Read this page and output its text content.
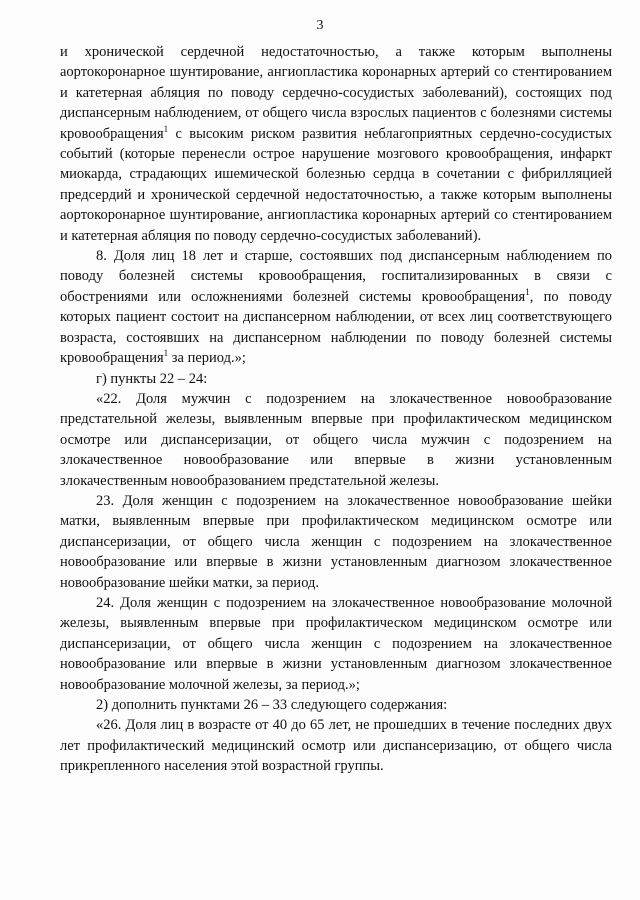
3

и хронической сердечной недостаточностью, а также которым выполнены аортокоронарное шунтирование, ангиопластика коронарных артерий со стентированием и катетерная абляция по поводу сердечно-сосудистых заболеваний), состоящих под диспансерным наблюдением, от общего числа взрослых пациентов с болезнями системы кровообращения$^1$ с высоким риском развития неблагоприятных сердечно-сосудистых событий (которые перенесли острое нарушение мозгового кровообращения, инфаркт миокарда, страдающих ишемической болезнью сердца в сочетании с фибрилляцией предсердий и хронической сердечной недостаточностью, а также которым выполнены аортокоронарное шунтирование, ангиопластика коронарных артерий со стентированием и катетерная абляция по поводу сердечно-сосудистых заболеваний).

8. Доля лиц 18 лет и старше, состоявших под диспансерным наблюдением по поводу болезней системы кровообращения, госпитализированных в связи с обострениями или осложнениями болезней системы кровообращения$^1$, по поводу которых пациент состоит на диспансерном наблюдении, от всех лиц соответствующего возраста, состоявших на диспансерном наблюдении по поводу болезней системы кровообращения$^1$ за период.»;

г) пункты 22 – 24:

«22. Доля мужчин с подозрением на злокачественное новообразование предстательной железы, выявленным впервые при профилактическом медицинском осмотре или диспансеризации, от общего числа мужчин с подозрением на злокачественное новообразование или впервые в жизни установленным злокачественным новообразованием предстательной железы.

23. Доля женщин с подозрением на злокачественное новообразование шейки матки, выявленным впервые при профилактическом медицинском осмотре или диспансеризации, от общего числа женщин с подозрением на злокачественное новообразование или впервые в жизни установленным диагнозом злокачественное новообразование шейки матки, за период.

24. Доля женщин с подозрением на злокачественное новообразование молочной железы, выявленным впервые при профилактическом медицинском осмотре или диспансеризации, от общего числа женщин с подозрением на злокачественное новообразование или впервые в жизни установленным диагнозом злокачественное новообразование молочной железы, за период.»;

2) дополнить пунктами 26 – 33 следующего содержания:

«26. Доля лиц в возрасте от 40 до 65 лет, не прошедших в течение последних двух лет профилактический медицинский осмотр или диспансеризацию, от общего числа прикрепленного населения этой возрастной группы.
